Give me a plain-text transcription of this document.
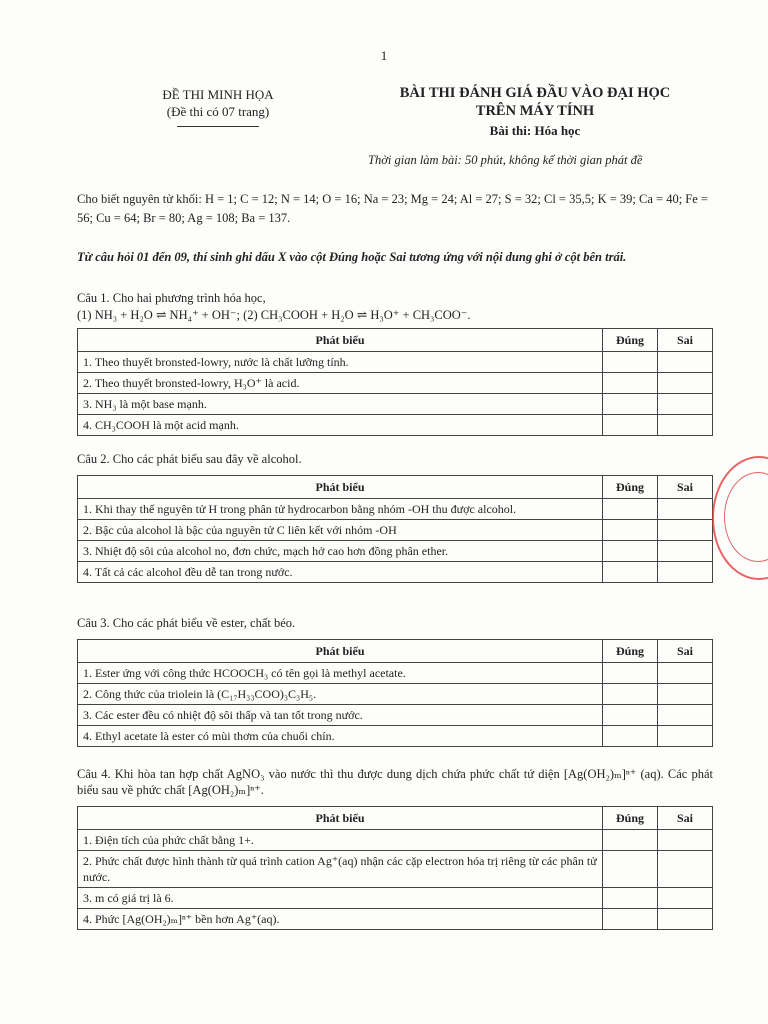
1
ĐỀ THI MINH HỌA
(Đề thi có 07 trang)
BÀI THI ĐÁNH GIÁ ĐẦU VÀO ĐẠI HỌC
TRÊN MÁY TÍNH
Bài thi: Hóa học
Thời gian làm bài: 50 phút, không kể thời gian phát đề
Cho biết nguyên tử khối: H = 1; C = 12; N = 14; O = 16; Na = 23; Mg = 24; Al = 27; S = 32; Cl = 35,5; K = 39; Ca = 40; Fe = 56; Cu = 64; Br = 80; Ag = 108; Ba = 137.
Từ câu hỏi 01 đến 09, thí sinh ghi dấu X vào cột Đúng hoặc Sai tương ứng với nội dung ghi ở cột bên trái.
Câu 1. Cho hai phương trình hóa học,
(1) NH₃ + H₂O ⇌ NH₄⁺ + OH⁻; (2) CH₃COOH + H₂O ⇌ H₃O⁺ + CH₃COO⁻.
Phát biểu	Đúng	Sai
1. Theo thuyết bronsted-lowry, nước là chất lưỡng tính.		
2. Theo thuyết bronsted-lowry, H₃O⁺ là acid.		
3. NH₃ là một base mạnh.		
4. CH₃COOH là một acid mạnh.		
Câu 2. Cho các phát biểu sau đây về alcohol.
Phát biểu	Đúng	Sai
1. Khi thay thế nguyên tử H trong phân tử hydrocarbon bằng nhóm -OH thu được alcohol.		
2. Bậc của alcohol là bậc của nguyên tử C liên kết với nhóm -OH		
3. Nhiệt độ sôi của alcohol no, đơn chức, mạch hở cao hơn đồng phân ether.		
4. Tất cả các alcohol đều dễ tan trong nước.		
Câu 3. Cho các phát biểu về ester, chất béo.
Phát biểu	Đúng	Sai
1. Ester ứng với công thức HCOOCH₃ có tên gọi là methyl acetate.		
2. Công thức của triolein là (C₁₇H₃₃COO)₃C₃H₅.		
3. Các ester đều có nhiệt độ sôi thấp và tan tốt trong nước.		
4. Ethyl acetate là ester có mùi thơm của chuối chín.		
Câu 4. Khi hòa tan hợp chất AgNO₃ vào nước thì thu được dung dịch chứa phức chất tứ diện [Ag(OH₂)ₘ]ⁿ⁺ (aq). Các phát biểu sau về phức chất [Ag(OH₂)ₘ]ⁿ⁺.
Phát biểu	Đúng	Sai
1. Điện tích của phức chất bằng 1+.		
2. Phức chất được hình thành từ quá trình cation Ag⁺(aq) nhận các cặp electron hóa trị riêng từ các phân tử nước.		
3. m có giá trị là 6.		
4. Phức [Ag(OH₂)ₘ]ⁿ⁺ bền hơn Ag⁺(aq).		
